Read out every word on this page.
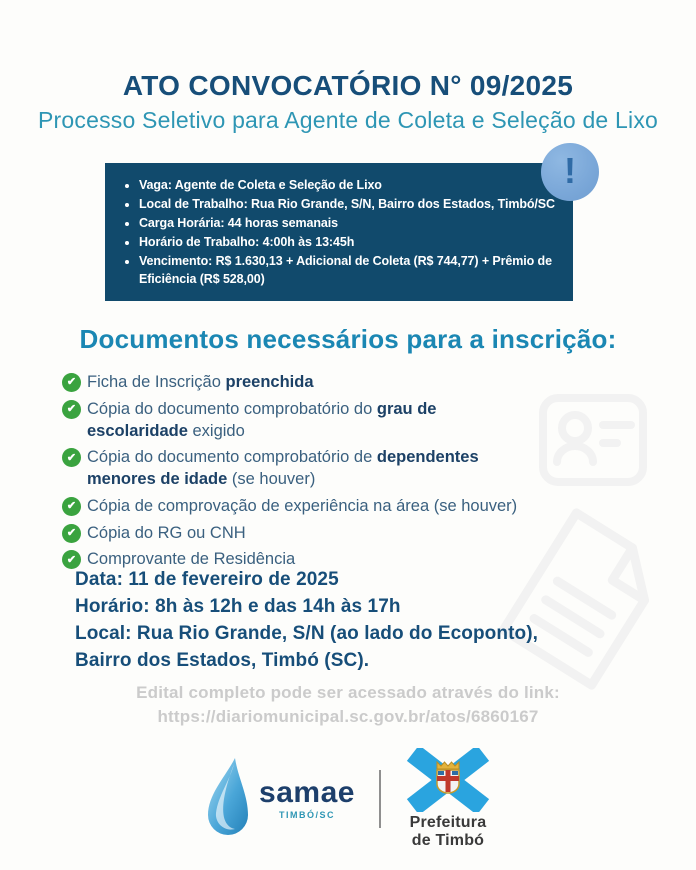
ATO CONVOCATÓRIO N° 09/2025
Processo Seletivo para Agente de Coleta e Seleção de Lixo
!
• Vaga: Agente de Coleta e Seleção de Lixo
• Local de Trabalho: Rua Rio Grande, S/N, Bairro dos Estados, Timbó/SC
• Carga Horária: 44 horas semanais
• Horário de Trabalho: 4:00h às 13:45h
• Vencimento: R$ 1.630,13 + Adicional de Coleta (R$ 744,77) + Prêmio de Eficiência (R$ 528,00)
Documentos necessários para a inscrição:
✔
Ficha de Inscrição preenchida
✔
Cópia do documento comprobatório do grau de
escolaridade exigido
✔
Cópia do documento comprobatório de dependentes
menores de idade (se houver)
✔
Cópia de comprovação de experiência na área (se houver)
✔
Cópia do RG ou CNH
✔
Comprovante de Residência
Data: 11 de fevereiro de 2025
Horário: 8h às 12h e das 14h às 17h
Local: Rua Rio Grande, S/N (ao lado do Ecoponto),
Bairro dos Estados, Timbó (SC).
Edital completo pode ser acessado através do link:
https://diariomunicipal.sc.gov.br/atos/6860167
samae
TIMBÓ/SC	Prefeitura
de Timbó
